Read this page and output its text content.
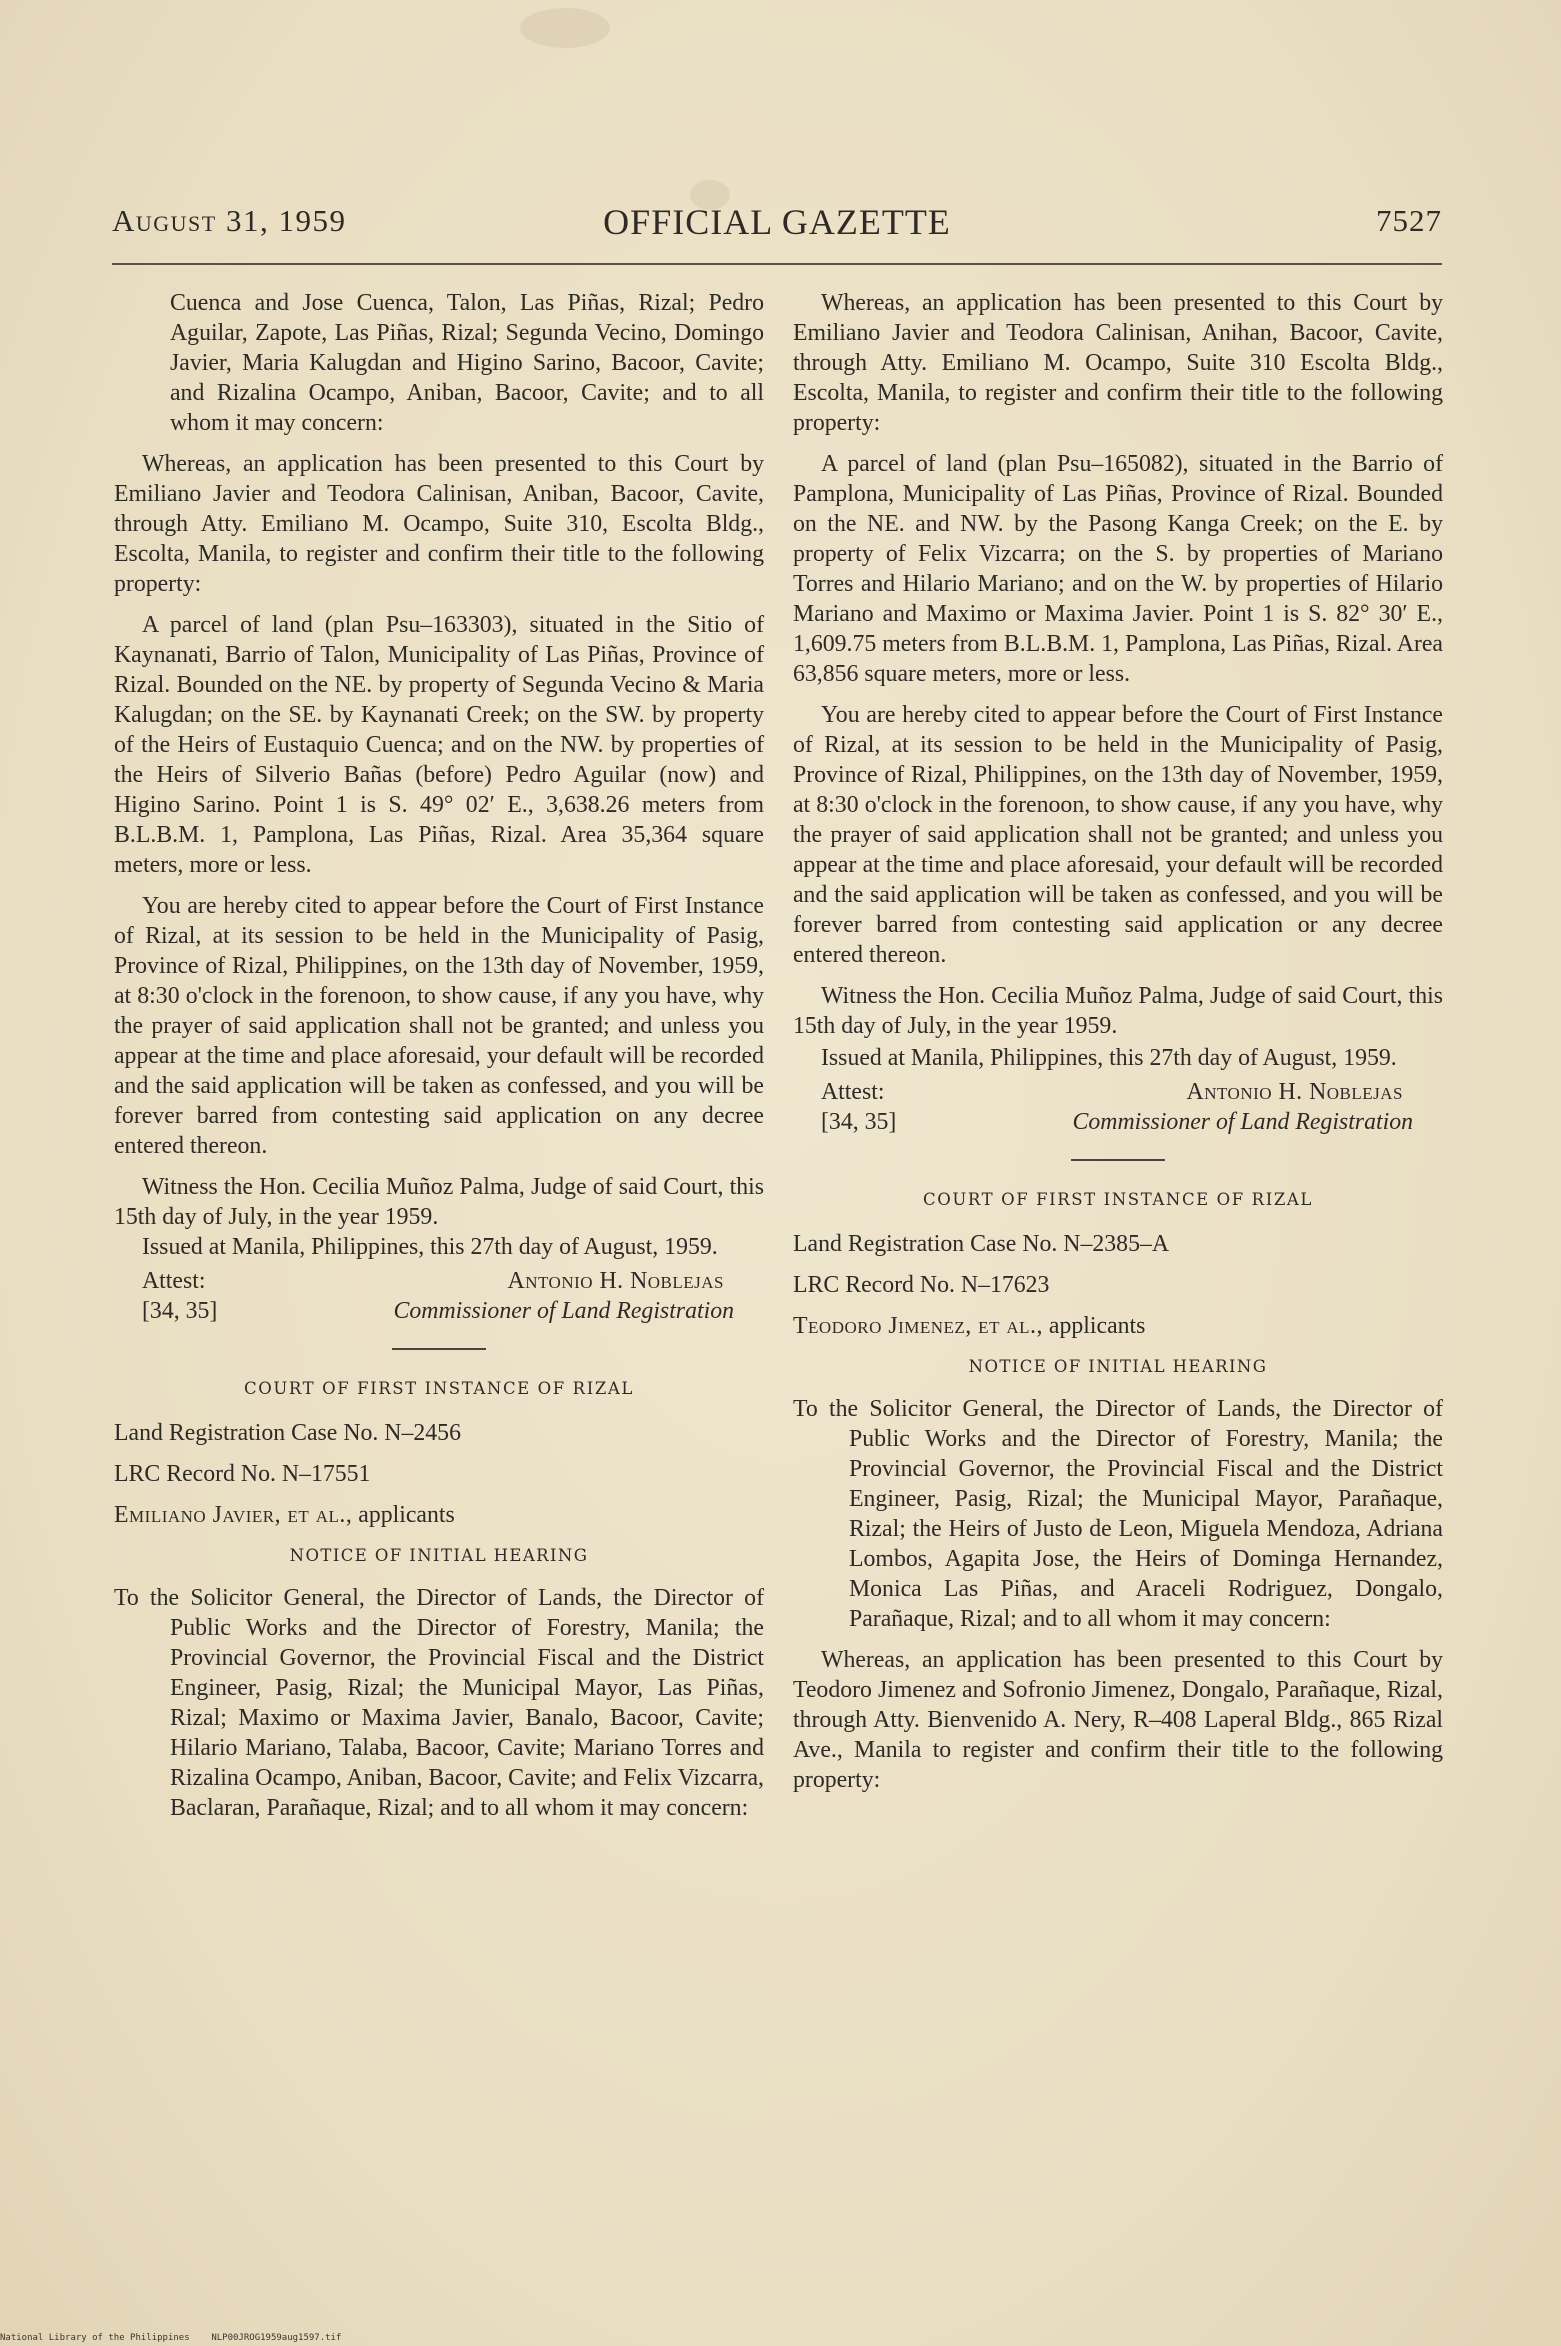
August 31, 1959	OFFICIAL GAZETTE	7527

Cuenca and Jose Cuenca, Talon, Las Piñas, Rizal; Pedro Aguilar, Zapote, Las Piñas, Rizal; Segunda Vecino, Domingo Javier, Maria Kalugdan and Higino Sarino, Bacoor, Cavite; and Rizalina Ocampo, Aniban, Bacoor, Cavite; and to all whom it may concern:

Whereas, an application has been presented to this Court by Emiliano Javier and Teodora Calinisan, Aniban, Bacoor, Cavite, through Atty. Emiliano M. Ocampo, Suite 310, Escolta Bldg., Escolta, Manila, to register and confirm their title to the following property:

A parcel of land (plan Psu–163303), situated in the Sitio of Kaynanati, Barrio of Talon, Municipality of Las Piñas, Province of Rizal. Bounded on the NE. by property of Segunda Vecino & Maria Kalugdan; on the SE. by Kaynanati Creek; on the SW. by property of the Heirs of Eustaquio Cuenca; and on the NW. by properties of the Heirs of Silverio Bañas (before) Pedro Aguilar (now) and Higino Sarino. Point 1 is S. 49° 02′ E., 3,638.26 meters from B.L.B.M. 1, Pamplona, Las Piñas, Rizal. Area 35,364 square meters, more or less.

You are hereby cited to appear before the Court of First Instance of Rizal, at its session to be held in the Municipality of Pasig, Province of Rizal, Philippines, on the 13th day of November, 1959, at 8:30 o'clock in the forenoon, to show cause, if any you have, why the prayer of said application shall not be granted; and unless you appear at the time and place aforesaid, your default will be recorded and the said application will be taken as confessed, and you will be forever barred from contesting said application on any decree entered thereon.

Witness the Hon. Cecilia Muñoz Palma, Judge of said Court, this 15th day of July, in the year 1959.

Issued at Manila, Philippines, this 27th day of August, 1959.

Attest:	Antonio H. Noblejas
[34, 35]	Commissioner of Land Registration
COURT OF FIRST INSTANCE OF RIZAL

Land Registration Case No. N–2456

LRC Record No. N–17551

Emiliano Javier, et al., applicants

NOTICE OF INITIAL HEARING

To the Solicitor General, the Director of Lands, the Director of Public Works and the Director of Forestry, Manila; the Provincial Governor, the Provincial Fiscal and the District Engineer, Pasig, Rizal; the Municipal Mayor, Las Piñas, Rizal; Maximo or Maxima Javier, Banalo, Bacoor, Cavite; Hilario Mariano, Talaba, Bacoor, Cavite; Mariano Torres and Rizalina Ocampo, Aniban, Bacoor, Cavite; and Felix Vizcarra, Baclaran, Parañaque, Rizal; and to all whom it may concern:

Whereas, an application has been presented to this Court by Emiliano Javier and Teodora Calinisan, Anihan, Bacoor, Cavite, through Atty. Emiliano M. Ocampo, Suite 310 Escolta Bldg., Escolta, Manila, to register and confirm their title to the following property:

A parcel of land (plan Psu–165082), situated in the Barrio of Pamplona, Municipality of Las Piñas, Province of Rizal. Bounded on the NE. and NW. by the Pasong Kanga Creek; on the E. by property of Felix Vizcarra; on the S. by properties of Mariano Torres and Hilario Mariano; and on the W. by properties of Hilario Mariano and Maximo or Maxima Javier. Point 1 is S. 82° 30′ E., 1,609.75 meters from B.L.B.M. 1, Pamplona, Las Piñas, Rizal. Area 63,856 square meters, more or less.

You are hereby cited to appear before the Court of First Instance of Rizal, at its session to be held in the Municipality of Pasig, Province of Rizal, Philippines, on the 13th day of November, 1959, at 8:30 o'clock in the forenoon, to show cause, if any you have, why the prayer of said application shall not be granted; and unless you appear at the time and place aforesaid, your default will be recorded and the said application will be taken as confessed, and you will be forever barred from contesting said application or any decree entered thereon.

Witness the Hon. Cecilia Muñoz Palma, Judge of said Court, this 15th day of July, in the year 1959.

Issued at Manila, Philippines, this 27th day of August, 1959.

Attest:	Antonio H. Noblejas
[34, 35]	Commissioner of Land Registration
COURT OF FIRST INSTANCE OF RIZAL

Land Registration Case No. N–2385–A

LRC Record No. N–17623

Teodoro Jimenez, et al., applicants

NOTICE OF INITIAL HEARING

To the Solicitor General, the Director of Lands, the Director of Public Works and the Director of Forestry, Manila; the Provincial Governor, the Provincial Fiscal and the District Engineer, Pasig, Rizal; the Municipal Mayor, Parañaque, Rizal; the Heirs of Justo de Leon, Miguela Mendoza, Adriana Lombos, Agapita Jose, the Heirs of Dominga Hernandez, Monica Las Piñas, and Araceli Rodriguez, Dongalo, Parañaque, Rizal; and to all whom it may concern:

Whereas, an application has been presented to this Court by Teodoro Jimenez and Sofronio Jimenez, Dongalo, Parañaque, Rizal, through Atty. Bienvenido A. Nery, R–408 Laperal Bldg., 865 Rizal Ave., Manila to register and confirm their title to the following property:

National Library of the Philippines NLP00JROG1959aug1597.tif
